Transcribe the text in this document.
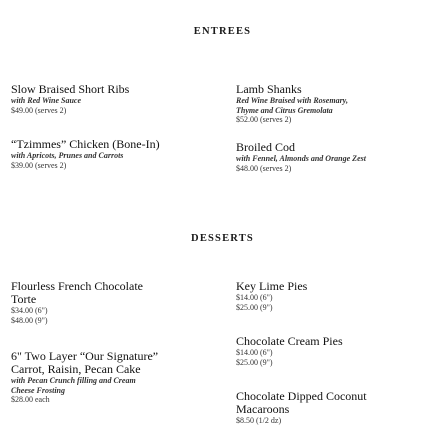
ENTREES
Slow Braised Short Ribs
with Red Wine Sauce
$49.00 (serves 2)
“Tzimmes” Chicken (Bone-In)
with Apricots, Prunes and Carrots
$39.00 (serves 2)
Lamb Shanks
Red Wine Braised with Rosemary,
Thyme and Citrus Gremolata
$52.00 (serves 2)
Broiled Cod
with Fennel, Almonds and Orange Zest
$48.00 (serves 2)
DESSERTS
Flourless French Chocolate
Torte
$34.00 (6")
$48.00 (9")
6" Two Layer “Our Signature”
Carrot, Raisin, Pecan Cake
with Pecan Crunch filling and Cream
Cheese Frosting
$28.00 each
Key Lime Pies
$14.00 (6")
$25.00 (9")
Chocolate Cream Pies
$14.00 (6")
$25.00 (9")
Chocolate Dipped Coconut
Macaroons
$8.50 (1/2 dz)
